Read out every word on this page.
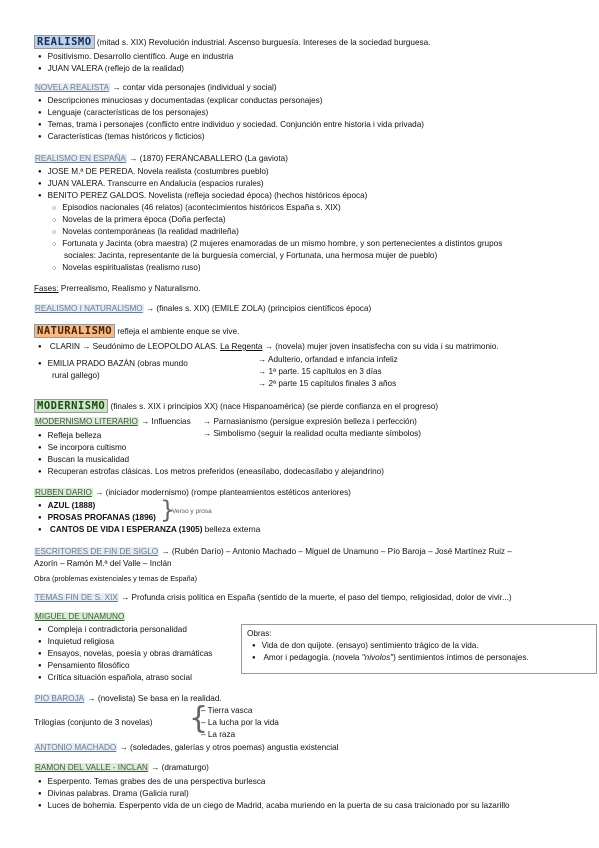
REALISMO (mitad s. XIX) Revolución industrial. Ascenso burguesía. Intereses de la sociedad burguesa.
● Positivismo. Desarrollo científico. Auge en industria
● JUAN VALERA (reflejo de la realidad)
NOVELA REALISTA → contar vida personajes (individual y social)
● Descripciones minuciosas y documentadas (explicar conductas personajes)
● Lenguaje (características de los personajes)
● Temas, trama i personajes (conflicto entre individuo y sociedad. Conjunción entre historia i vida privada)
● Características (temas históricos y ficticios)
REALISMO EN ESPAÑA → (1870) FERÁNCABALLERO (La gaviota)
● JOSE M.ª DE PEREDA. Novela realista (costumbres pueblo)
● JUAN VALERA. Transcurre en Andalucía (espacios rurales)
● BENITO PEREZ GALDOS. Novelista (refleja sociedad época) (hechos históricos época)
○ Episodios nacionales (46 relatos) (acontecimientos históricos España s. XIX)
○ Novelas de la primera época (Doña perfecta)
○ Novelas contemporáneas (la realidad madrileña)
○ Fortunata y Jacinta (obra maestra) (2 mujeres enamoradas de un mismo hombre, y son pertenecientes a distintos grupos
sociales: Jacinta, representante de la burguesía comercial, y Fortunata, una hermosa mujer de pueblo)
○ Novelas espiritualistas (realismo ruso)
Fases: Prerrealismo, Realismo y Naturalismo.
REALISMO I NATURALISMO → (finales s. XIX) (EMILE ZOLA) (principios científicos época)
NATURALISMO refleja el ambiente enque se vive.
● CLARIN → Seudónimo de LEOPOLDO ALAS. La Regenta → (novela) mujer joven insatisfecha con su vida i su matrimonio.
● EMILIA PRADO BAZÁN (obras mundo
rural gallego)
→ Adulterio, orfandad e infancia infeliz
→ 1ª parte. 15 capítulos en 3 días
→ 2ª parte 15 capítulos finales 3 años
MODERNISMO (finales s. XIX i principios XX) (nace Hispanoamérica) (se pierde confianza en el progreso)
MODERNISMO LITERARIO → Influencias → Parnasianismo (persigue expresión belleza i perfección)
→ Simbolismo (seguir la realidad oculta mediante símbolos)
● Refleja belleza
● Se incorpora cultismo
● Buscan la musicalidad
● Recuperan estrofas clásicas. Los metros preferidos (eneasílabo, dodecasílabo y alejandrino)
RUBEN DARIO → (iniciador modernismo) (rompe planteamientos estéticos anteriores)
● AZUL (1888)
● PROSAS PROFANAS (1896) }
Verso y prosa
● CANTOS DE VIDA I ESPERANZA (1905) belleza externa
ESCRITORES DE FIN DE SIGLO → (Rubén Darío) – Antonio Machado – Miguel de Unamuno – Pío Baroja – José Martínez Ruiz –
Azorín – Ramón M.ª del Valle – Inclán
Obra (problemas existenciales y temas de España)
TEMAS FIN DE S. XIX → Profunda crisis política en España (sentido de la muerte, el paso del tiempo, religiosidad, dolor de vivir...)
MIGUEL DE UNAMUNO
● Compleja i contradictoria personalidad
● Inquietud religiosa
● Ensayos, novelas, poesía y obras dramáticas
● Pensamiento filosófico
● Crítica situación española, atraso social
Obras:
● Vida de don quijote. (ensayo) sentimiento trágico de la vida.
● Amor i pedagogía. (novela "nivolos") sentimientos íntimos de personajes.
PIO BAROJA → (novelista) Se basa en la realidad.
Trilogías (conjunto de 3 novelas) {
– Tierra vasca
– La lucha por la vida
– La raza
ANTONIO MACHADO → (soledades, galerías y otros poemas) angustia existencial
RAMON DEL VALLE - INCLAN → (dramaturgo)
● Esperpento. Temas grabes des de una perspectiva burlesca
● Divinas palabras. Drama (Galicia rural)
● Luces de bohemia. Esperpento vida de un ciego de Madrid, acaba muriendo en la puerta de su casa traicionado por su lazarillo
